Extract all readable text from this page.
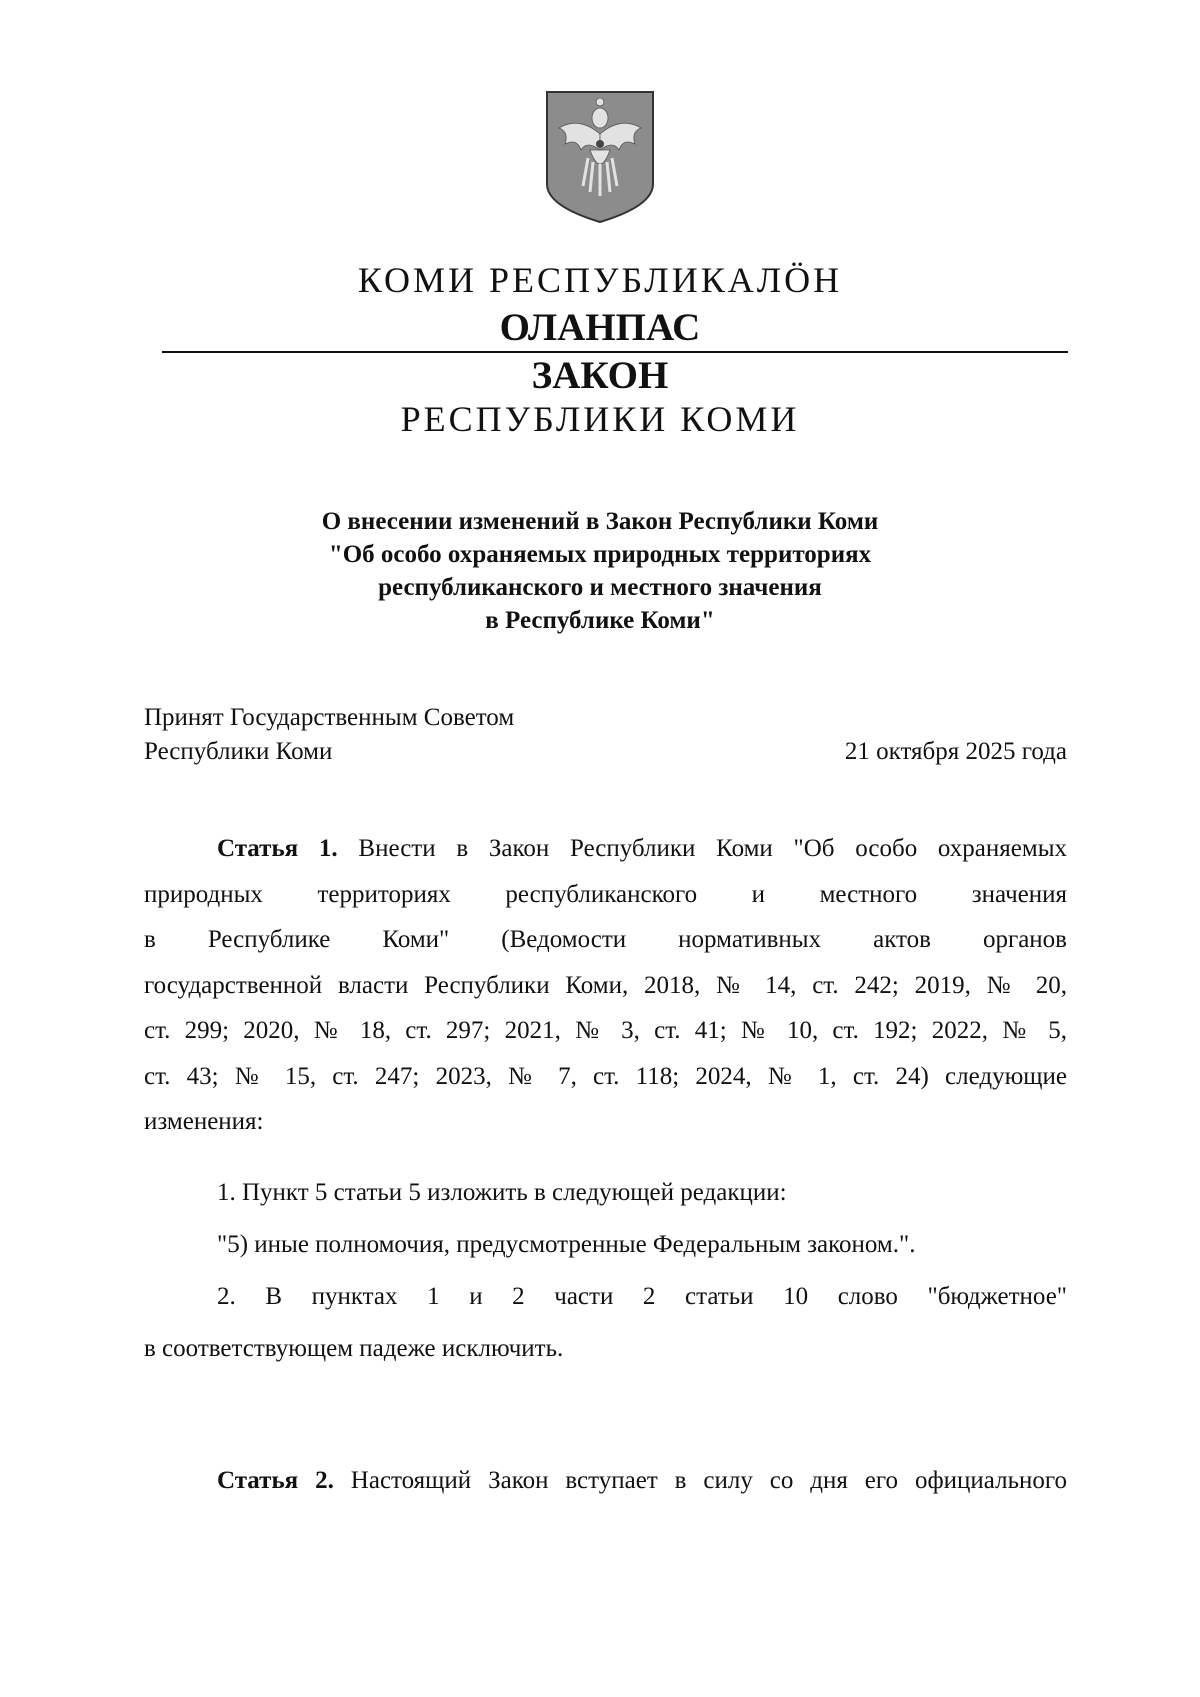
КОМИ РЕСПУБЛИКАЛӦН
ОЛАНПАС
ЗАКОН
РЕСПУБЛИКИ КОМИ
О внесении изменений в Закон Республики Коми
"Об особо охраняемых природных территориях
республиканского и местного значения
в Республике Коми"
Принят Государственным Советом
Республики Коми	21 октября 2025 года
Статья 1. Внести в Закон Республики Коми "Об особо охраняемых
природных территориях республиканского и местного значения
в Республике Коми" (Ведомости нормативных актов органов
государственной власти Республики Коми, 2018, № 14, ст. 242; 2019, № 20,
ст. 299; 2020, № 18, ст. 297; 2021, № 3, ст. 41; № 10, ст. 192; 2022, № 5,
ст. 43; № 15, ст. 247; 2023, № 7, ст. 118; 2024, № 1, ст. 24) следующие
изменения:
1. Пункт 5 статьи 5 изложить в следующей редакции:
"5) иные полномочия, предусмотренные Федеральным законом.".
2. В пунктах 1 и 2 части 2 статьи 10 слово "бюджетное"
в соответствующем падеже исключить.
Статья 2. Настоящий Закон вступает в силу со дня его официального
